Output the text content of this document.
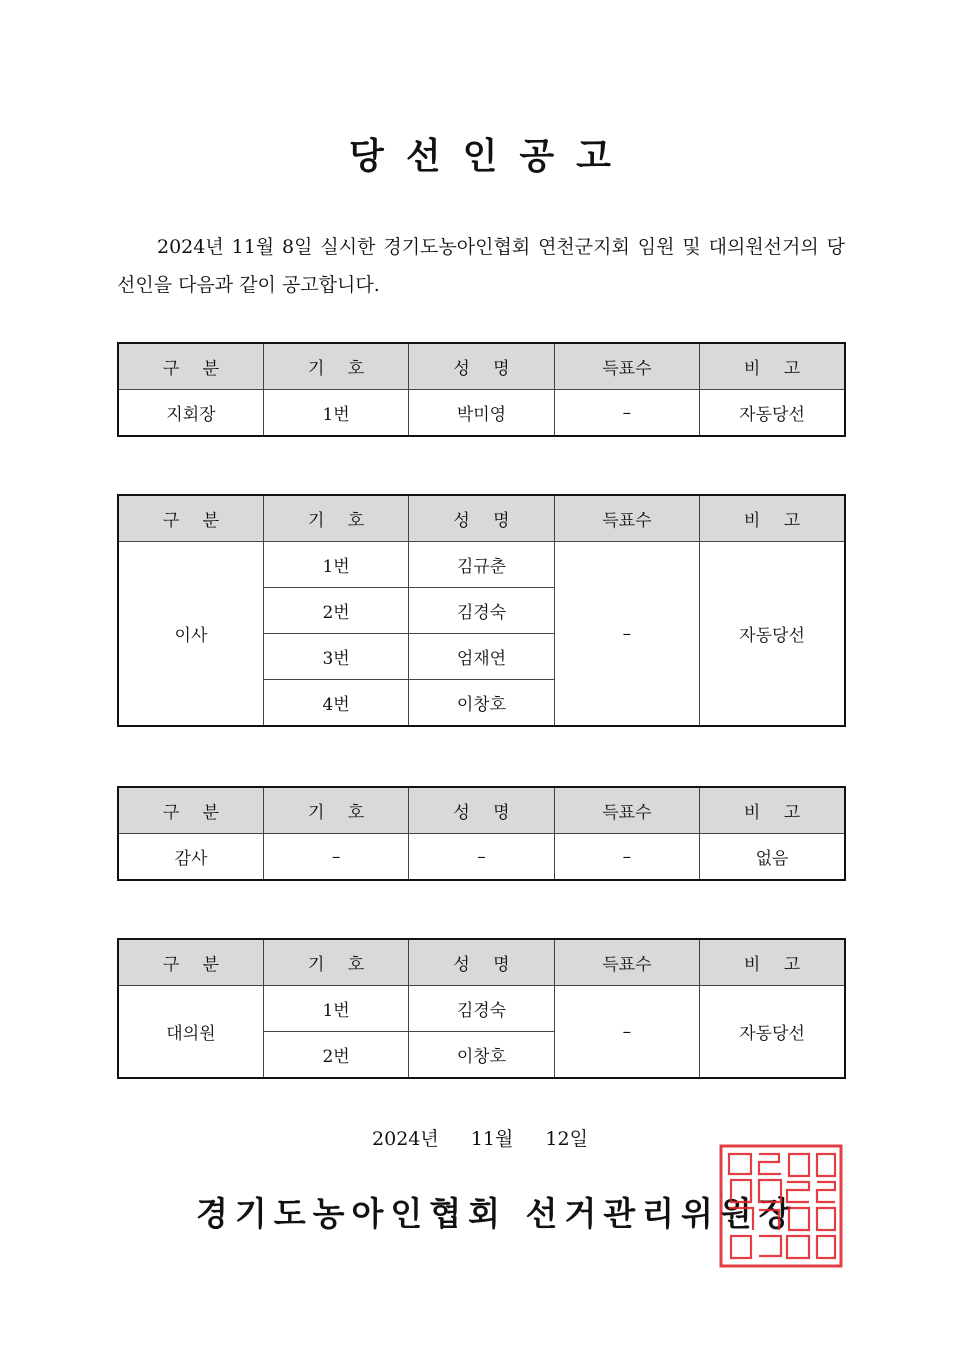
당선인공고
2024년 11월 8일 실시한 경기도농아인협회 연천군지회 임원 및 대의원선거의 당선인을 다음과 같이 공고합니다.
구 분	기 호	성 명	득표수	비 고
지회장	1번	박미영	–	자동당선
구 분	기 호	성 명	득표수	비 고
이사	1번	김규춘	–	자동당선
	2번	김경숙		
	3번	엄재연		
	4번	이창호		
구 분	기 호	성 명	득표수	비 고
감사	–	–	–	없음
구 분	기 호	성 명	득표수	비 고
대의원	1번	김경숙	–	자동당선
	2번	이창호		
2024년  11월  12일
경기도농아인협회 선거관리위원장
